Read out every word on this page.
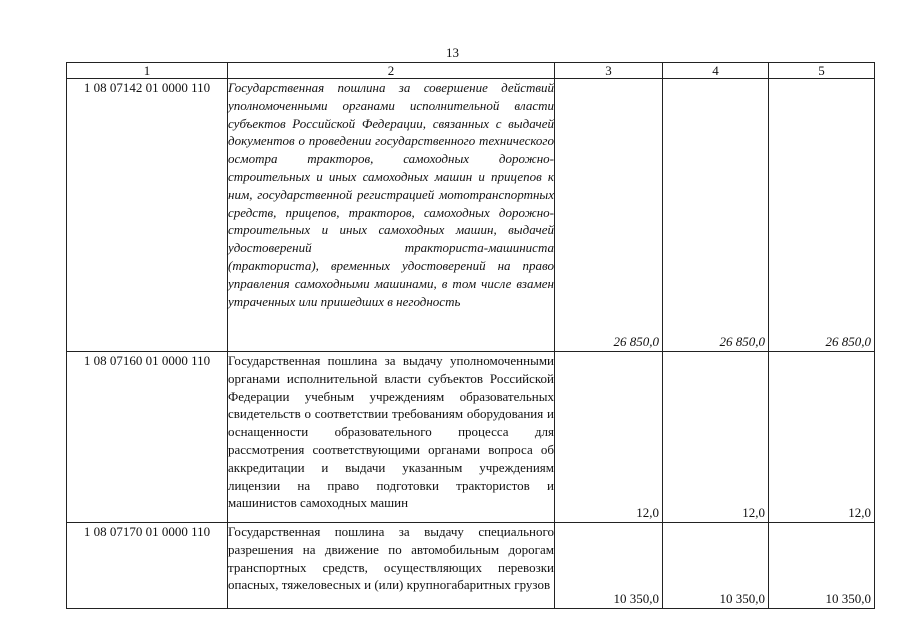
13
1	2	3	4	5
1 08 07142 01 0000 110	Государственная пошлина за совершение действий уполномоченными органами исполнительной власти субъектов Российской Федерации, связанных с выдачей документов о проведении государственного технического осмотра тракторов, самоходных дорожно-строительных и иных самоходных машин и прицепов к ним, государственной регистрацией мототранспортных средств, прицепов, тракторов, самоходных дорожно-строительных и иных самоходных машин, выдачей удостоверений тракториста-машиниста (тракториста), временных удостоверений на право управления самоходными машинами, в том числе взамен утраченных или пришедших в негодность	26 850,0	26 850,0	26 850,0
1 08 07160 01 0000 110	Государственная пошлина за выдачу уполномоченными органами исполнительной власти субъектов Российской Федерации учебным учреждениям образовательных свидетельств о соответствии требованиям оборудования и оснащенности образовательного процесса для рассмотрения соответствующими органами вопроса об аккредитации и выдачи указанным учреждениям лицензии на право подготовки трактористов и машинистов самоходных машин	12,0	12,0	12,0
1 08 07170 01 0000 110	Государственная пошлина за выдачу специального разрешения на движение по автомобильным дорогам транспортных средств, осуществляющих перевозки опасных, тяжеловесных и (или) крупногабаритных грузов	10 350,0	10 350,0	10 350,0
